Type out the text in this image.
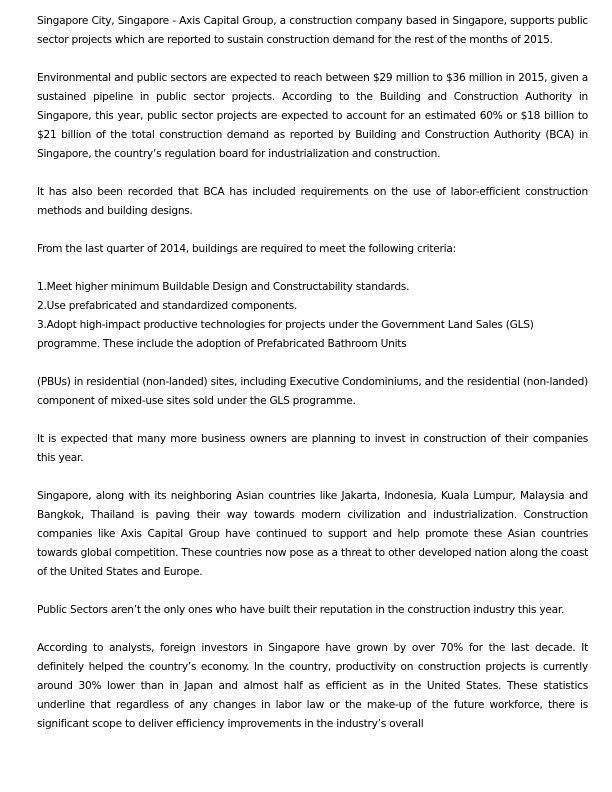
Singapore City, Singapore - Axis Capital Group, a construction company based in Singapore, supports public sector projects which are reported to sustain construction demand for the rest of the months of 2015.

Environmental and public sectors are expected to reach between $29 million to $36 million in 2015, given a sustained pipeline in public sector projects. According to the Building and Construction Authority in Singapore, this year, public sector projects are expected to account for an estimated 60% or $18 billion to $21 billion of the total construction demand as reported by Building and Construction Authority (BCA) in Singapore, the country’s regulation board for industrialization and construction.

It has also been recorded that BCA has included requirements on the use of labor-efficient construction methods and building designs.

From the last quarter of 2014, buildings are required to meet the following criteria:

1.Meet higher minimum Buildable Design and Constructability standards.
2.Use prefabricated and standardized components.
3.Adopt high-impact productive technologies for projects under the Government Land Sales (GLS) programme. These include the adoption of Prefabricated Bathroom Units

(PBUs) in residential (non-landed) sites, including Executive Condominiums, and the residential (non-landed) component of mixed-use sites sold under the GLS programme.

It is expected that many more business owners are planning to invest in construction of their companies this year.

Singapore, along with its neighboring Asian countries like Jakarta, Indonesia, Kuala Lumpur, Malaysia and Bangkok, Thailand is paving their way towards modern civilization and industrialization. Construction companies like Axis Capital Group have continued to support and help promote these Asian countries towards global competition. These countries now pose as a threat to other developed nation along the coast of the United States and Europe.

Public Sectors aren’t the only ones who have built their reputation in the construction industry this year.

According to analysts, foreign investors in Singapore have grown by over 70% for the last decade. It definitely helped the country’s economy. In the country, productivity on construction projects is currently around 30% lower than in Japan and almost half as efficient as in the United States. These statistics underline that regardless of any changes in labor law or the make-up of the future workforce, there is significant scope to deliver efficiency improvements in the industry’s overall
